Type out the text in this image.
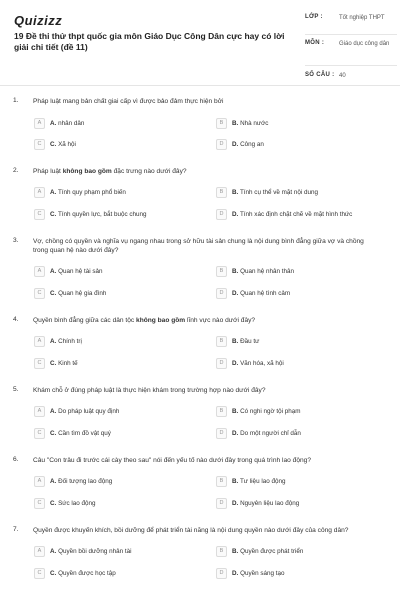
Quizizz
19 Đề thi thử thpt quốc gia môn Giáo Dục Công Dân cực hay có lời giải chi tiết (đề 11)
LỚP :	Tốt nghiệp THPT
MÔN : Giáo dục công dân
SỐ CÂU : 40
1. Pháp luật mang bản chất giai cấp vì được bảo đảm thực hiện bởi
A	A. nhân dân	B	B. Nhà nước
C	C. Xã hội	D	D. Công an
2. Pháp luật không bao gồm đặc trưng nào dưới đây?
A	A. Tính quy phạm phổ biến	B	B. Tính cụ thể về mặt nội dung
C	C. Tính quyền lực, bắt buộc chung	D	D. Tính xác định chặt chẽ về mặt hình thức
3. Vợ, chồng có quyền và nghĩa vụ ngang nhau trong sở hữu tài sản chung là nội dung bình đẳng giữa vợ và chồng trong quan hệ nào dưới đây?
A	A. Quan hệ tài sản	B	B. Quan hệ nhân thân
C	C. Quan hệ gia đình	D	D. Quan hệ tình cảm
4. Quyền bình đẳng giữa các dân tộc không bao gồm lĩnh vực nào dưới đây?
A	A. Chính trị	B	B. Đầu tư
C	C. Kinh tế	D	D. Văn hóa, xã hội
5. Khám chỗ ở đúng pháp luật là thực hiện khám trong trường hợp nào dưới đây?
A	A. Do pháp luật quy định	B	B. Có nghi ngờ tội phạm
C	C. Cần tìm đồ vật quý	D	D. Do một người chỉ dẫn
6. Câu "Con trâu đi trước cái cày theo sau" nói đến yếu tố nào dưới đây trong quá trình lao động?
A	A. Đối tượng lao động	B	B. Tư liệu lao động
C	C. Sức lao động	D	D. Nguyên liệu lao động
7. Quyền được khuyến khích, bồi dưỡng để phát triển tài năng là nội dung quyền nào dưới đây của công dân?
A	A. Quyền bồi dưỡng nhân tài	B	B. Quyền được phát triển
C	C. Quyền được học tập	D	D. Quyền sáng tạo
